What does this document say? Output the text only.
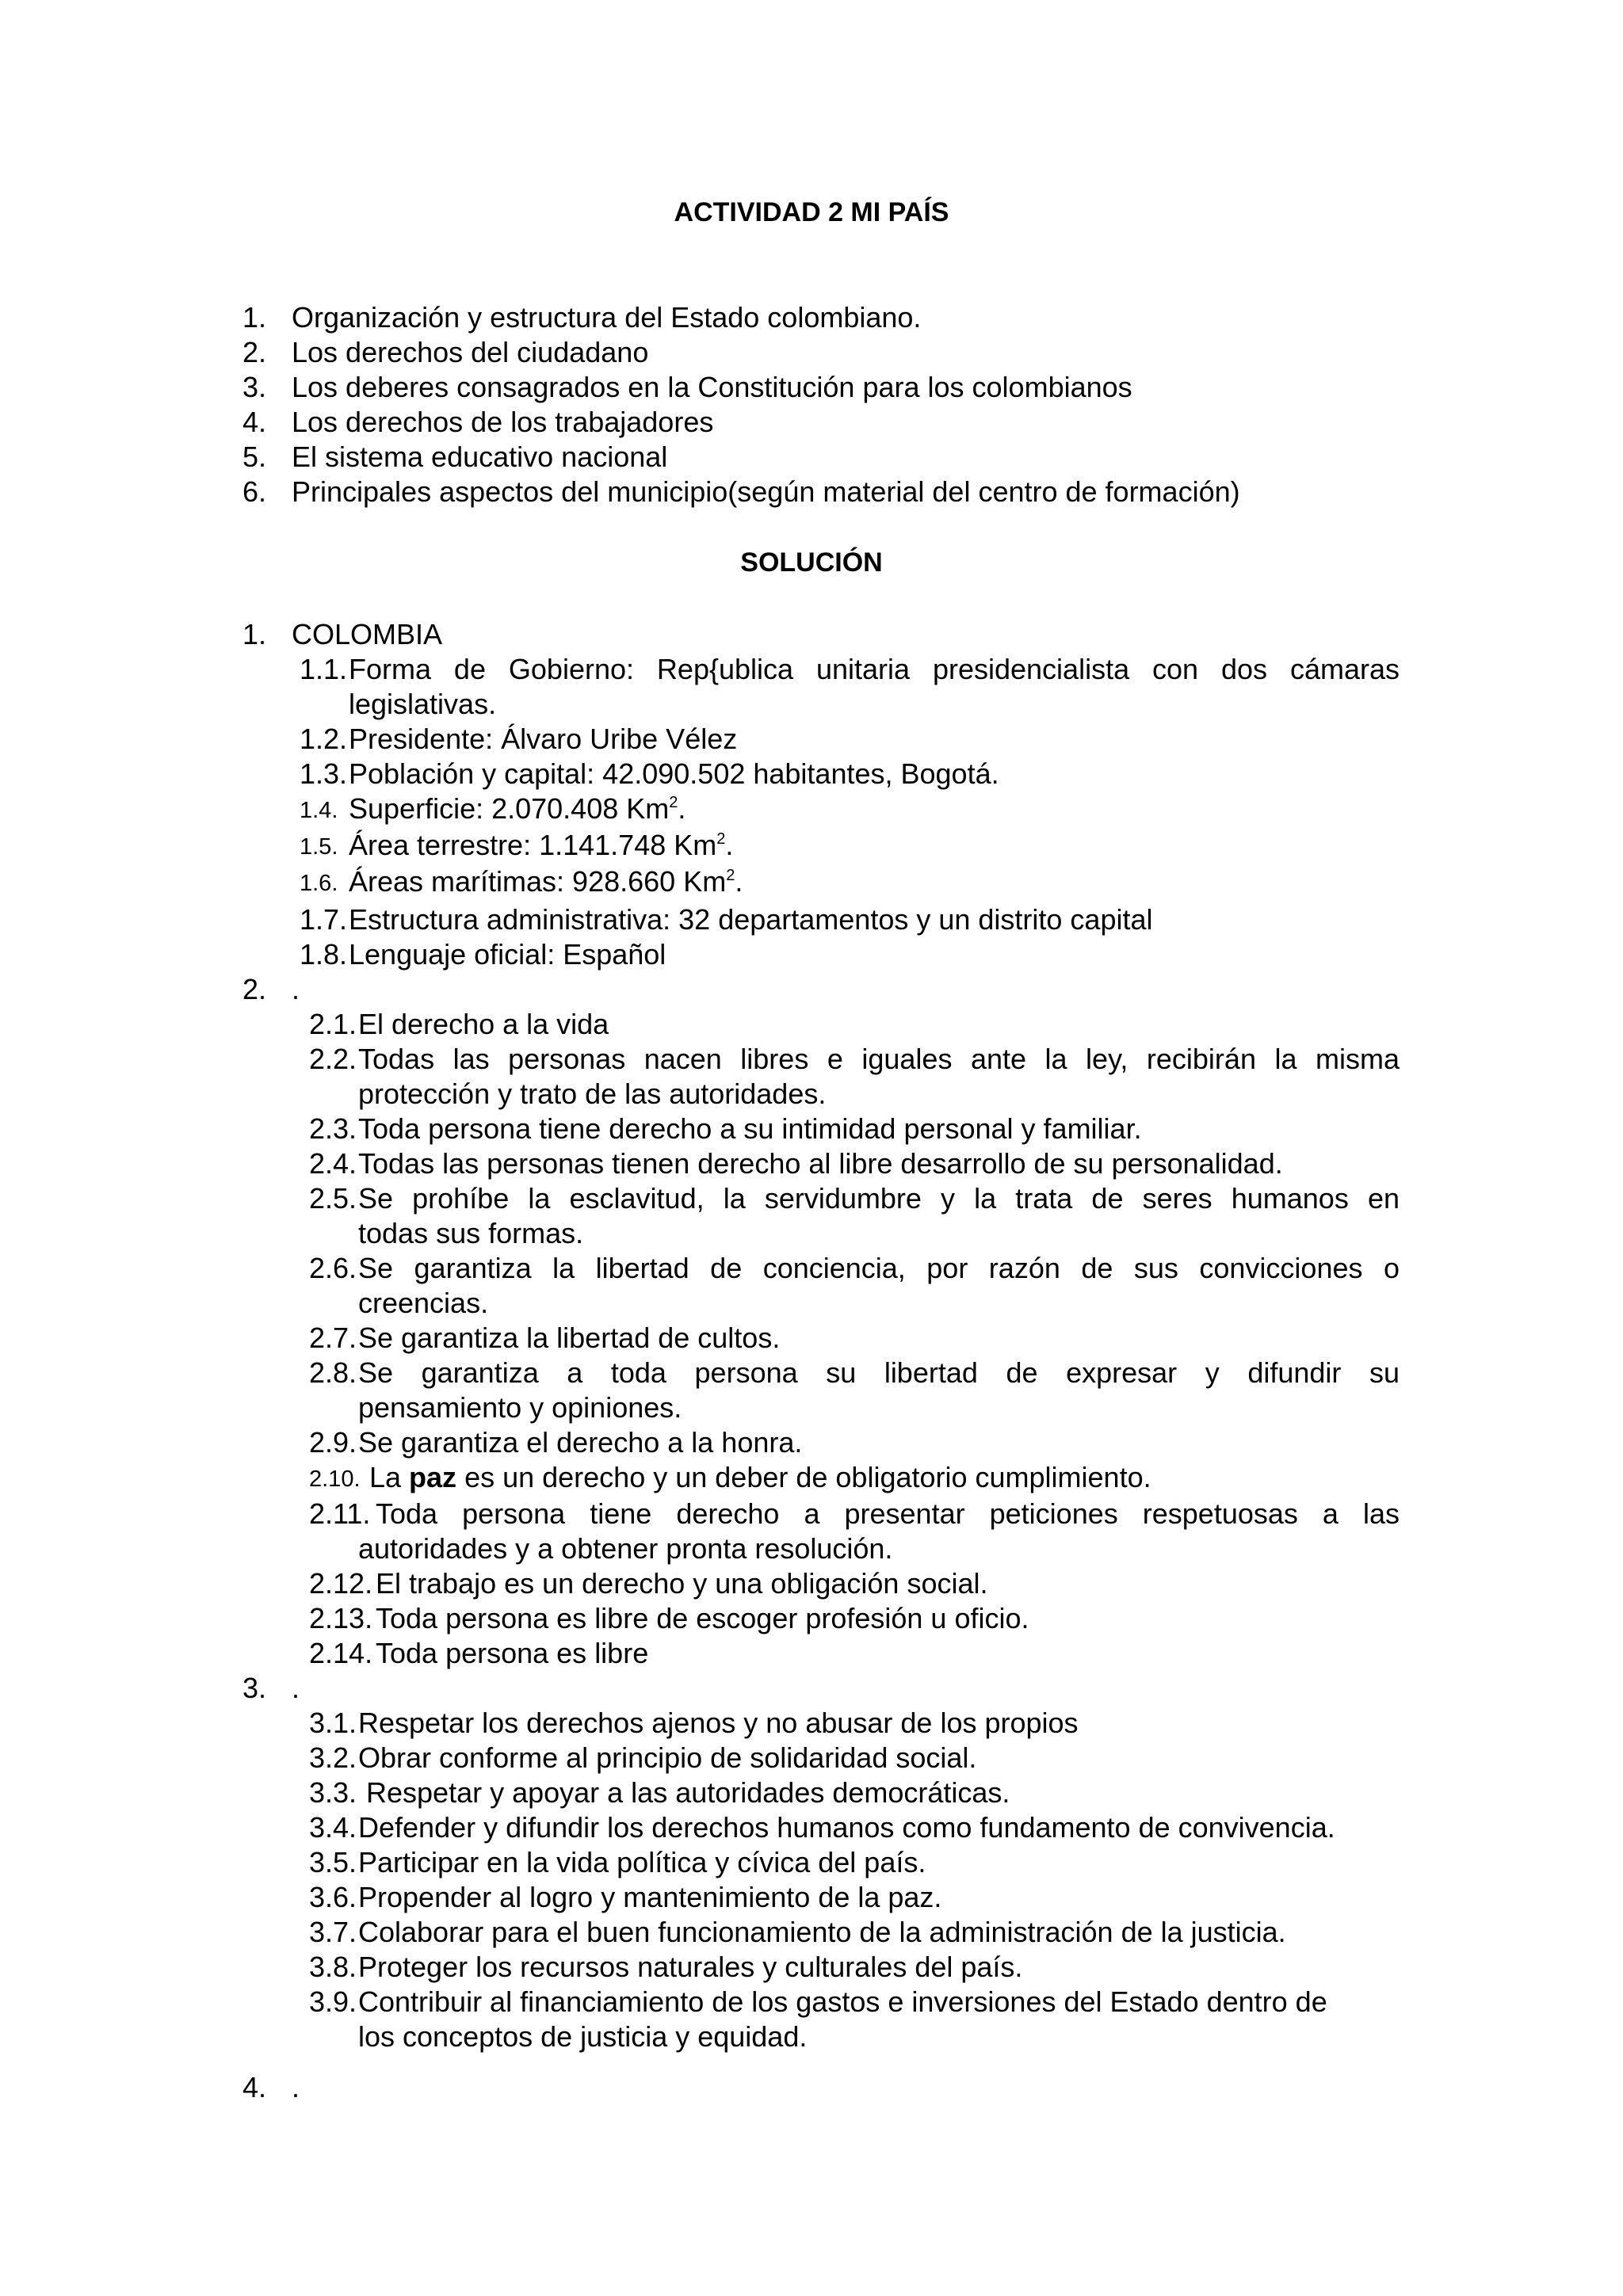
ACTIVIDAD 2 MI PAÍS
1. Organización y estructura del Estado colombiano.
2. Los derechos del ciudadano
3. Los deberes consagrados en la Constitución para los colombianos
4. Los derechos de los trabajadores
5. El sistema educativo nacional
6. Principales aspectos del municipio(según material del centro de formación)
SOLUCIÓN
1. COLOMBIA
1.1. Forma de Gobierno: Rep{ublica unitaria presidencialista con dos cámaras
legislativas.
1.2. Presidente: Álvaro Uribe Vélez
1.3. Población y capital: 42.090.502 habitantes, Bogotá.
1.4. Superficie: 2.070.408 Km$^2$.
1.5. Área terrestre: 1.141.748 Km$^2$.
1.6. Áreas marítimas: 928.660 Km$^2$.
1.7. Estructura administrativa: 32 departamentos y un distrito capital
1.8. Lenguaje oficial: Español
2. .
2.1. El derecho a la vida
2.2. Todas las personas nacen libres e iguales ante la ley, recibirán la misma
protección y trato de las autoridades.
2.3. Toda persona tiene derecho a su intimidad personal y familiar.
2.4. Todas las personas tienen derecho al libre desarrollo de su personalidad.
2.5. Se prohíbe la esclavitud, la servidumbre y la trata de seres humanos en
todas sus formas.
2.6. Se garantiza la libertad de conciencia, por razón de sus convicciones o
creencias.
2.7. Se garantiza la libertad de cultos.
2.8. Se garantiza a toda persona su libertad de expresar y difundir su
pensamiento y opiniones.
2.9. Se garantiza el derecho a la honra.
2.10. La paz es un derecho y un deber de obligatorio cumplimiento.
2.11. Toda persona tiene derecho a presentar peticiones respetuosas a las
autoridades y a obtener pronta resolución.
2.12. El trabajo es un derecho y una obligación social.
2.13. Toda persona es libre de escoger profesión u oficio.
2.14. Toda persona es libre
3. .
3.1. Respetar los derechos ajenos y no abusar de los propios
3.2. Obrar conforme al principio de solidaridad social.
3.3. Respetar y apoyar a las autoridades democráticas.
3.4. Defender y difundir los derechos humanos como fundamento de convivencia.
3.5. Participar en la vida política y cívica del país.
3.6. Propender al logro y mantenimiento de la paz.
3.7. Colaborar para el buen funcionamiento de la administración de la justicia.
3.8. Proteger los recursos naturales y culturales del país.
3.9. Contribuir al financiamiento de los gastos e inversiones del Estado dentro de
los conceptos de justicia y equidad.
4. .
